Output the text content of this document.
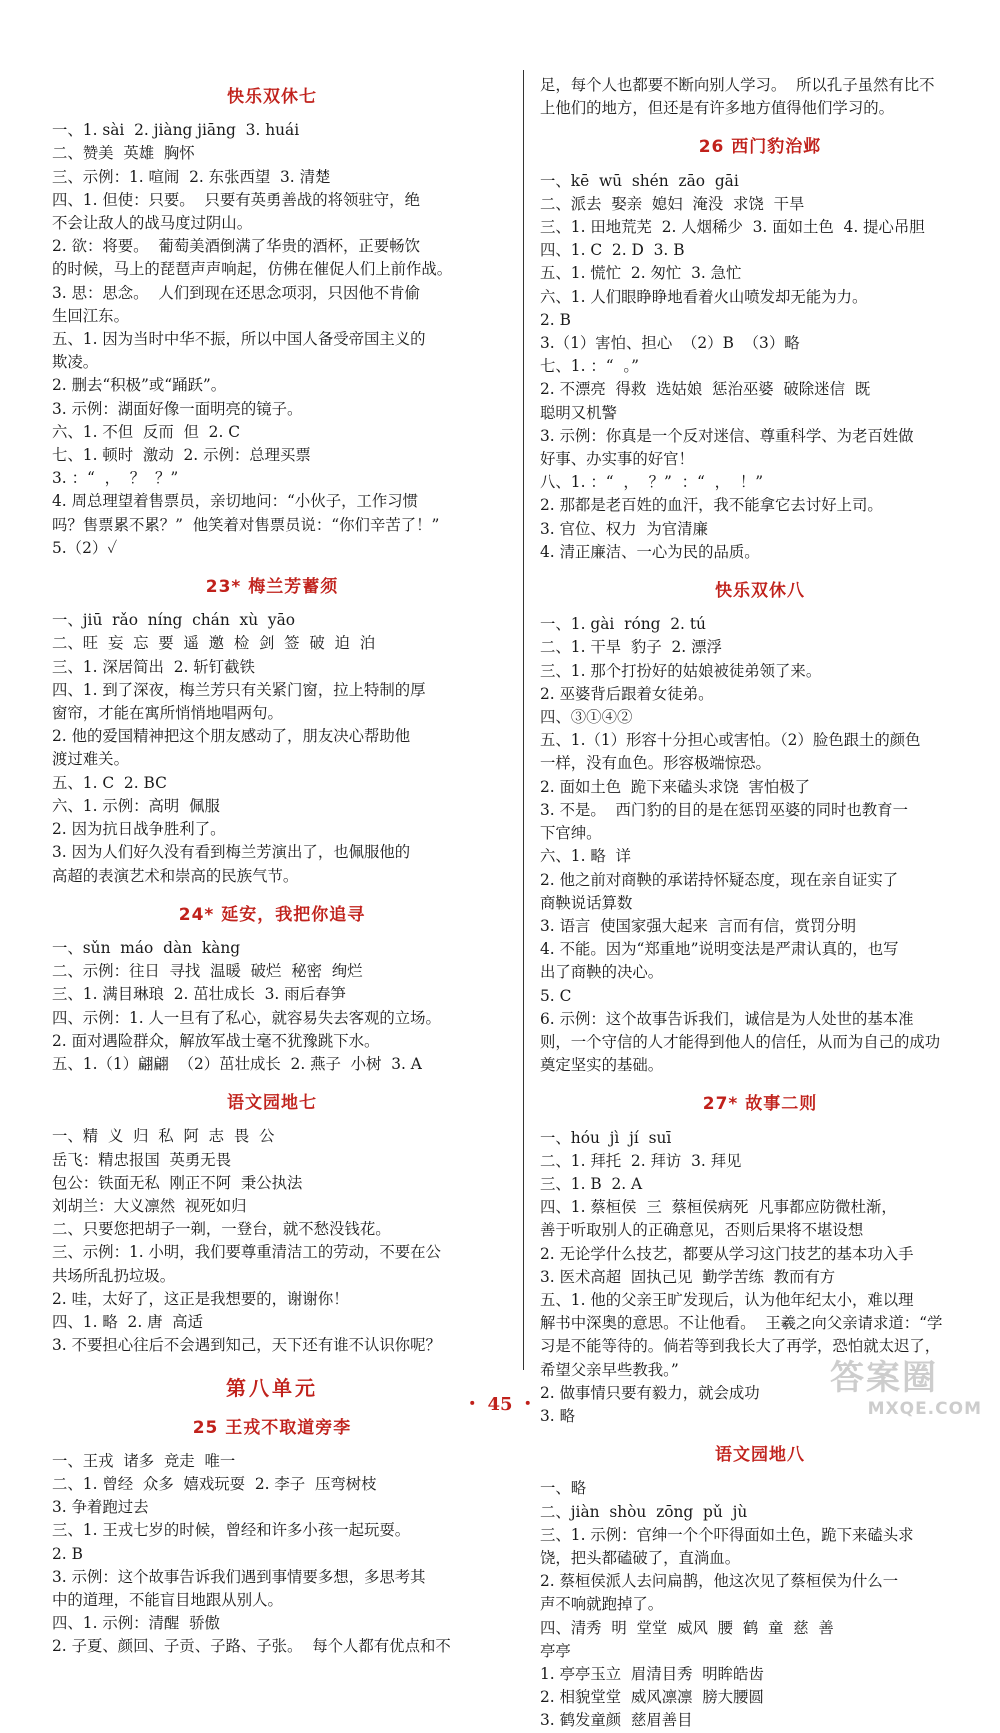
快乐双休七
一、1. sài  2. jiàng jiāng  3. huái
二、赞美  英雄  胸怀
三、示例：1. 喧闹  2. 东张西望  3. 清楚
四、1. 但使：只要。  只要有英勇善战的将领驻守，绝
不会让敌人的战马度过阴山。
2. 欲：将要。  葡萄美酒倒满了华贵的酒杯，正要畅饮
的时候，马上的琵琶声声响起，仿佛在催促人们上前作战。
3. 思：思念。  人们到现在还思念项羽，只因他不肯偷
生回江东。
五、1. 因为当时中华不振，所以中国人备受帝国主义的
欺凌。
2. 删去“积极”或“踊跃”。
3. 示例：湖面好像一面明亮的镜子。
六、1. 不但  反而  但  2. C
七、1. 顿时  激动  2. 示例：总理买票
3. ：“  ，  ？  ？”
4. 周总理望着售票员，亲切地问：“小伙子，工作习惯
吗？售票累不累？”  他笑着对售票员说：“你们辛苦了！”
5.（2）✓
23* 梅兰芳蓄须
一、jiū  rǎo  níng  chán  xù  yāo
二、旺  妄  忘  要  遥  邀  检  剑  签  破  迫  泊
三、1. 深居简出  2. 斩钉截铁
四、1. 到了深夜，梅兰芳只有关紧门窗，拉上特制的厚
窗帘，才能在寓所悄悄地唱两句。
2. 他的爱国精神把这个朋友感动了，朋友决心帮助他
渡过难关。
五、1. C  2. BC
六、1. 示例：高明  佩服
2. 因为抗日战争胜利了。
3. 因为人们好久没有看到梅兰芳演出了，也佩服他的
高超的表演艺术和崇高的民族气节。
24* 延安，我把你追寻
一、sǔn  máo  dàn  kàng
二、示例：往日  寻找  温暖  破烂  秘密  绚烂
三、1. 满目琳琅  2. 茁壮成长  3. 雨后春笋
四、示例：1. 人一旦有了私心，就容易失去客观的立场。
2. 面对遇险群众，解放军战士毫不犹豫跳下水。
五、1.（1）翩翩  （2）茁壮成长  2. 燕子  小树  3. A
语文园地七
一、精  义  归  私  阿  志  畏  公
岳飞：精忠报国  英勇无畏
包公：铁面无私  刚正不阿  秉公执法
刘胡兰：大义凛然  视死如归
二、只要您把胡子一剃，一登台，就不愁没钱花。
三、示例：1. 小明，我们要尊重清洁工的劳动，不要在公
共场所乱扔垃圾。
2. 哇，太好了，这正是我想要的，谢谢你！
四、1. 略  2. 唐  高适
3. 不要担心往后不会遇到知己，天下还有谁不认识你呢？
第八单元
25 王戎不取道旁李
一、王戎  诸多  竞走  唯一
二、1. 曾经  众多  嬉戏玩耍  2. 李子  压弯树枝
3. 争着跑过去
三、1. 王戎七岁的时候，曾经和许多小孩一起玩耍。
2. B
3. 示例：这个故事告诉我们遇到事情要多想，多思考其
中的道理，不能盲目地跟从别人。
四、1. 示例：清醒  骄傲
2. 子夏、颜回、子贡、子路、子张。  每个人都有优点和不
足，每个人也都要不断向别人学习。  所以孔子虽然有比不
上他们的地方，但还是有许多地方值得他们学习的。
26 西门豹治邺
一、kē  wū  shén  zāo  gāi
二、派去  娶亲  媳妇  淹没  求饶  干旱
三、1. 田地荒芜  2. 人烟稀少  3. 面如土色  4. 提心吊胆
四、1. C  2. D  3. B
五、1. 慌忙  2. 匆忙  3. 急忙
六、1. 人们眼睁睁地看着火山喷发却无能为力。
2. B
3.（1）害怕、担心  （2）B  （3）略
七、1. ：“  。”
2. 不漂亮  得救  选姑娘  惩治巫婆  破除迷信  既
聪明又机警
3. 示例：你真是一个反对迷信、尊重科学、为老百姓做
好事、办实事的好官！
八、1. ：“  ，  ？”  ：“  ，  ！”
2. 那都是老百姓的血汗，我不能拿它去讨好上司。
3. 官位、权力  为官清廉
4. 清正廉洁、一心为民的品质。
快乐双休八
一、1. gài  róng  2. tú
二、1. 干旱  豹子  2. 漂浮
三、1. 那个打扮好的姑娘被徒弟领了来。
2. 巫婆背后跟着女徒弟。
四、③①④②
五、1.（1）形容十分担心或害怕。（2）脸色跟土的颜色
一样，没有血色。形容极端惊恐。
2. 面如土色  跪下来磕头求饶  害怕极了
3. 不是。  西门豹的目的是在惩罚巫婆的同时也教育一
下官绅。
六、1. 略  详
2. 他之前对商鞅的承诺持怀疑态度，现在亲自证实了
商鞅说话算数
3. 语言  使国家强大起来  言而有信，赏罚分明
4. 不能。因为“郑重地”说明变法是严肃认真的，也写
出了商鞅的决心。
5. C
6. 示例：这个故事告诉我们，诚信是为人处世的基本准
则，一个守信的人才能得到他人的信任，从而为自己的成功
奠定坚实的基础。
27* 故事二则
一、hóu  jì  jí  suī
二、1. 拜托  2. 拜访  3. 拜见
三、1. B  2. A
四、1. 蔡桓侯  三  蔡桓侯病死  凡事都应防微杜渐，
善于听取别人的正确意见，否则后果将不堪设想
2. 无论学什么技艺，都要从学习这门技艺的基本功入手
3. 医术高超  固执己见  勤学苦练  教而有方
五、1. 他的父亲王旷发现后，认为他年纪太小，难以理
解书中深奥的意思。不让他看。  王羲之向父亲请求道：“学
习是不能等待的。倘若等到我长大了再学，恐怕就太迟了，
希望父亲早些教我。”
2. 做事情只要有毅力，就会成功
3. 略
语文园地八
一、略
二、jiàn  shòu  zōng  pǔ  jù
三、1. 示例：官绅一个个吓得面如土色，跪下来磕头求
饶，把头都磕破了，直淌血。
2. 蔡桓侯派人去问扁鹊，他这次见了蔡桓侯为什么一
声不响就跑掉了。
四、清秀  明  堂堂  威风  腰  鹤  童  慈  善
亭亭
1. 亭亭玉立  眉清目秀  明眸皓齿
2. 相貌堂堂  威风凛凛  膀大腰圆
3. 鹤发童颜  慈眉善目
・ 45 ・
答案圈
MXQE.COM
